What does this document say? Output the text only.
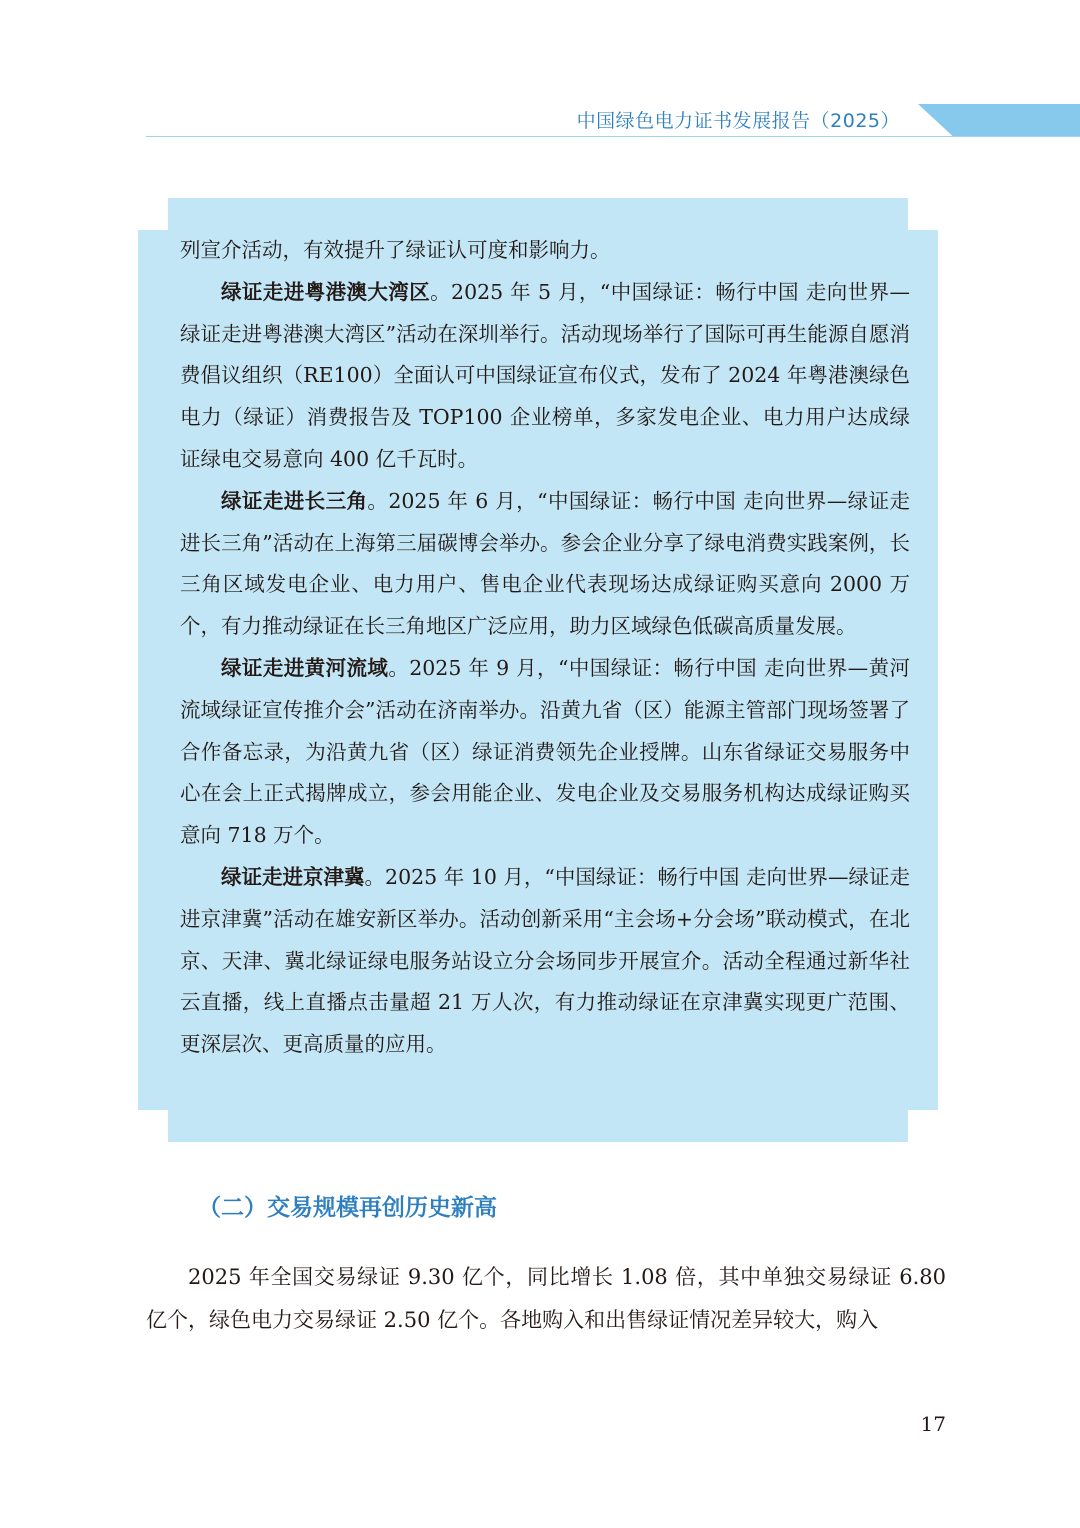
中国绿色电力证书发展报告（2025）

列宣介活动，有效提升了绿证认可度和影响力。

绿证走进粤港澳大湾区。2025 年 5 月，“中国绿证：畅行中国 走向世界—绿证走进粤港澳大湾区”活动在深圳举行。活动现场举行了国际可再生能源自愿消费倡议组织（RE100）全面认可中国绿证宣布仪式，发布了 2024 年粤港澳绿色电力（绿证）消费报告及 TOP100 企业榜单，多家发电企业、电力用户达成绿证绿电交易意向 400 亿千瓦时。

绿证走进长三角。2025 年 6 月，“中国绿证：畅行中国 走向世界—绿证走进长三角”活动在上海第三届碳博会举办。参会企业分享了绿电消费实践案例，长三角区域发电企业、电力用户、售电企业代表现场达成绿证购买意向 2000 万个，有力推动绿证在长三角地区广泛应用，助力区域绿色低碳高质量发展。

绿证走进黄河流域。2025 年 9 月，“中国绿证：畅行中国 走向世界—黄河流域绿证宣传推介会”活动在济南举办。沿黄九省（区）能源主管部门现场签署了合作备忘录，为沿黄九省（区）绿证消费领先企业授牌。山东省绿证交易服务中心在会上正式揭牌成立，参会用能企业、发电企业及交易服务机构达成绿证购买意向 718 万个。

绿证走进京津冀。2025 年 10 月，“中国绿证：畅行中国 走向世界—绿证走进京津冀”活动在雄安新区举办。活动创新采用“主会场+分会场”联动模式，在北京、天津、冀北绿证绿电服务站设立分会场同步开展宣介。活动全程通过新华社云直播，线上直播点击量超 21 万人次，有力推动绿证在京津冀实现更广范围、更深层次、更高质量的应用。

（二）交易规模再创历史新高

2025 年全国交易绿证 9.30 亿个，同比增长 1.08 倍，其中单独交易绿证 6.80 亿个，绿色电力交易绿证 2.50 亿个。各地购入和出售绿证情况差异较大，购入

17
